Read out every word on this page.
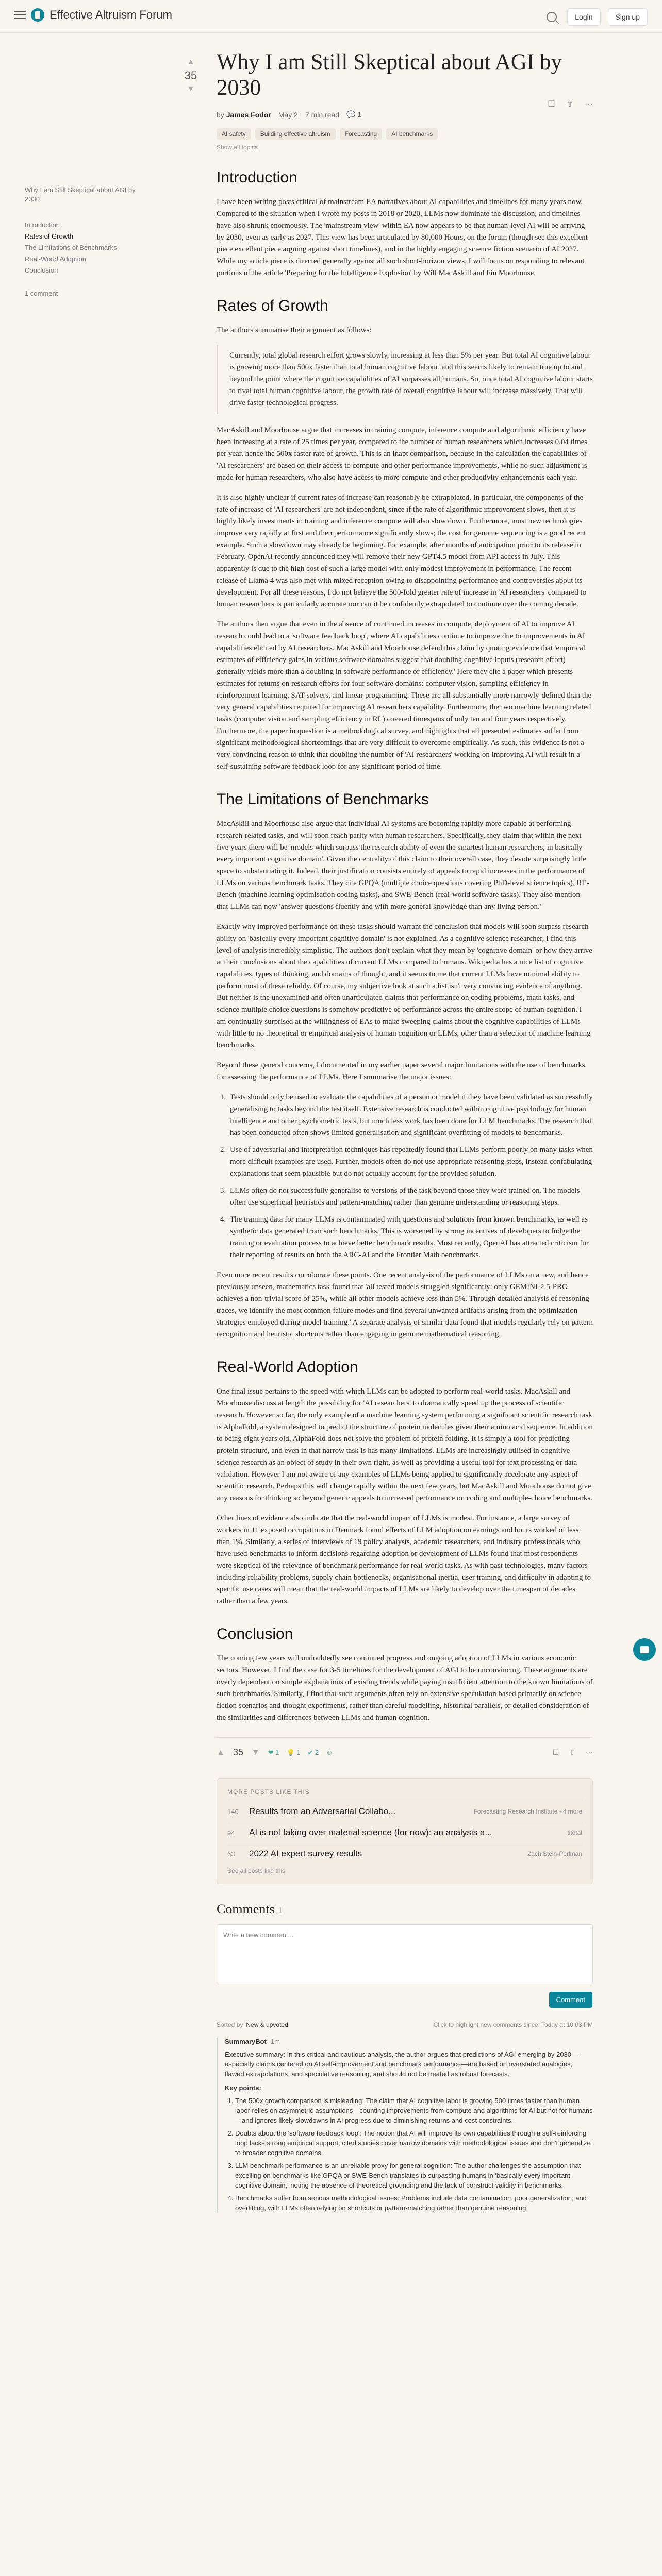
Effective Altruism Forum	Login	Sign up
Why I am Still Skeptical about AGI by 2030
Introduction
Rates of Growth
The Limitations of Benchmarks
Real-World Adoption
Conclusion
1 comment
▲
35
▼
Why I am Still Skeptical about AGI by 2030
by James Fodor May 2 7 min read 💬 1
☐ ⇧ ⋯
AI safety	Building effective altruism	Forecasting	AI benchmarks
Show all topics
Introduction

I have been writing posts critical of mainstream EA narratives about AI capabilities and timelines for many years now. Compared to the situation when I wrote my posts in 2018 or 2020, LLMs now dominate the discussion, and timelines have also shrunk enormously. The 'mainstream view' within EA now appears to be that human-level AI will be arriving by 2030, even as early as 2027. This view has been articulated by 80,000 Hours, on the forum (though see this excellent piece excellent piece arguing against short timelines), and in the highly engaging science fiction scenario of AI 2027. While my article piece is directed generally against all such short-horizon views, I will focus on responding to relevant portions of the article 'Preparing for the Intelligence Explosion' by Will MacAskill and Fin Moorhouse.

Rates of Growth

The authors summarise their argument as follows:

Currently, total global research effort grows slowly, increasing at less than 5% per year. But total AI cognitive labour is growing more than 500x faster than total human cognitive labour, and this seems likely to remain true up to and beyond the point where the cognitive capabilities of AI surpasses all humans. So, once total AI cognitive labour starts to rival total human cognitive labour, the growth rate of overall cognitive labour will increase massively. That will drive faster technological progress.

MacAskill and Moorhouse argue that increases in training compute, inference compute and algorithmic efficiency have been increasing at a rate of 25 times per year, compared to the number of human researchers which increases 0.04 times per year, hence the 500x faster rate of growth. This is an inapt comparison, because in the calculation the capabilities of 'AI researchers' are based on their access to compute and other performance improvements, while no such adjustment is made for human researchers, who also have access to more compute and other productivity enhancements each year.

It is also highly unclear if current rates of increase can reasonably be extrapolated. In particular, the components of the rate of increase of 'AI researchers' are not independent, since if the rate of algorithmic improvement slows, then it is highly likely investments in training and inference compute will also slow down. Furthermore, most new technologies improve very rapidly at first and then performance significantly slows; the cost for genome sequencing is a good recent example. Such a slowdown may already be beginning. For example, after months of anticipation prior to its release in February, OpenAI recently announced they will remove their new GPT4.5 model from API access in July. This apparently is due to the high cost of such a large model with only modest improvement in performance. The recent release of Llama 4 was also met with mixed reception owing to disappointing performance and controversies about its development. For all these reasons, I do not believe the 500-fold greater rate of increase in 'AI researchers' compared to human researchers is particularly accurate nor can it be confidently extrapolated to continue over the coming decade.

The authors then argue that even in the absence of continued increases in compute, deployment of AI to improve AI research could lead to a 'software feedback loop', where AI capabilities continue to improve due to improvements in AI capabilities elicited by AI researchers. MacAskill and Moorhouse defend this claim by quoting evidence that 'empirical estimates of efficiency gains in various software domains suggest that doubling cognitive inputs (research effort) generally yields more than a doubling in software performance or efficiency.' Here they cite a paper which presents estimates for returns on research efforts for four software domains: computer vision, sampling efficiency in reinforcement learning, SAT solvers, and linear programming. These are all substantially more narrowly-defined than the very general capabilities required for improving AI researchers capability. Furthermore, the two machine learning related tasks (computer vision and sampling efficiency in RL) covered timespans of only ten and four years respectively. Furthermore, the paper in question is a methodological survey, and highlights that all presented estimates suffer from significant methodological shortcomings that are very difficult to overcome empirically. As such, this evidence is not a very convincing reason to think that doubling the number of 'AI researchers' working on improving AI will result in a self-sustaining software feedback loop for any significant period of time.

The Limitations of Benchmarks

MacAskill and Moorhouse also argue that individual AI systems are becoming rapidly more capable at performing research-related tasks, and will soon reach parity with human researchers. Specifically, they claim that within the next five years there will be 'models which surpass the research ability of even the smartest human researchers, in basically every important cognitive domain'. Given the centrality of this claim to their overall case, they devote surprisingly little space to substantiating it. Indeed, their justification consists entirely of appeals to rapid increases in the performance of LLMs on various benchmark tasks. They cite GPQA (multiple choice questions covering PhD-level science topics), RE-Bench (machine learning optimisation coding tasks), and SWE-Bench (real-world software tasks). They also mention that LLMs can now 'answer questions fluently and with more general knowledge than any living person.'

Exactly why improved performance on these tasks should warrant the conclusion that models will soon surpass research ability on 'basically every important cognitive domain' is not explained. As a cognitive science researcher, I find this level of analysis incredibly simplistic. The authors don't explain what they mean by 'cognitive domain' or how they arrive at their conclusions about the capabilities of current LLMs compared to humans. Wikipedia has a nice list of cognitive capabilities, types of thinking, and domains of thought, and it seems to me that current LLMs have minimal ability to perform most of these reliably. Of course, my subjective look at such a list isn't very convincing evidence of anything. But neither is the unexamined and often unarticulated claims that performance on coding problems, math tasks, and science multiple choice questions is somehow predictive of performance across the entire scope of human cognition. I am continually surprised at the willingness of EAs to make sweeping claims about the cognitive capabilities of LLMs with little to no theoretical or empirical analysis of human cognition or LLMs, other than a selection of machine learning benchmarks.

Beyond these general concerns, I documented in my earlier paper several major limitations with the use of benchmarks for assessing the performance of LLMs. Here I summarise the major issues:

1. Tests should only be used to evaluate the capabilities of a person or model if they have been validated as successfully generalising to tasks beyond the test itself. Extensive research is conducted within cognitive psychology for human intelligence and other psychometric tests, but much less work has been done for LLM benchmarks. The research that has been conducted often shows limited generalisation and significant overfitting of models to benchmarks.
2. Use of adversarial and interpretation techniques has repeatedly found that LLMs perform poorly on many tasks when more difficult examples are used. Further, models often do not use appropriate reasoning steps, instead confabulating explanations that seem plausible but do not actually account for the provided solution.
3. LLMs often do not successfully generalise to versions of the task beyond those they were trained on. The models often use superficial heuristics and pattern-matching rather than genuine understanding or reasoning steps.
4. The training data for many LLMs is contaminated with questions and solutions from known benchmarks, as well as synthetic data generated from such benchmarks. This is worsened by strong incentives of developers to fudge the training or evaluation process to achieve better benchmark results. Most recently, OpenAI has attracted criticism for their reporting of results on both the ARC-AI and the Frontier Math benchmarks.

Even more recent results corroborate these points. One recent analysis of the performance of LLMs on a new, and hence previously unseen, mathematics task found that 'all tested models struggled significantly: only GEMINI-2.5-PRO achieves a non-trivial score of 25%, while all other models achieve less than 5%. Through detailed analysis of reasoning traces, we identify the most common failure modes and find several unwanted artifacts arising from the optimization strategies employed during model training.' A separate analysis of similar data found that models regularly rely on pattern recognition and heuristic shortcuts rather than engaging in genuine mathematical reasoning.

Real-World Adoption

One final issue pertains to the speed with which LLMs can be adopted to perform real-world tasks. MacAskill and Moorhouse discuss at length the possibility for 'AI researchers' to dramatically speed up the process of scientific research. However so far, the only example of a machine learning system performing a significant scientific research task is AlphaFold, a system designed to predict the structure of protein molecules given their amino acid sequence. In addition to being eight years old, AlphaFold does not solve the problem of protein folding. It is simply a tool for predicting protein structure, and even in that narrow task is has many limitations. LLMs are increasingly utilised in cognitive science research as an object of study in their own right, as well as providing a useful tool for text processing or data validation. However I am not aware of any examples of LLMs being applied to significantly accelerate any aspect of scientific research. Perhaps this will change rapidly within the next few years, but MacAskill and Moorhouse do not give any reasons for thinking so beyond generic appeals to increased performance on coding and multiple-choice benchmarks.

Other lines of evidence also indicate that the real-world impact of LLMs is modest. For instance, a large survey of workers in 11 exposed occupations in Denmark found effects of LLM adoption on earnings and hours worked of less than 1%. Similarly, a series of interviews of 19 policy analysts, academic researchers, and industry professionals who have used benchmarks to inform decisions regarding adoption or development of LLMs found that most respondents were skeptical of the relevance of benchmark performance for real-world tasks. As with past technologies, many factors including reliability problems, supply chain bottlenecks, organisational inertia, user training, and difficulty in adapting to specific use cases will mean that the real-world impacts of LLMs are likely to develop over the timespan of decades rather than a few years.

Conclusion

The coming few years will undoubtedly see continued progress and ongoing adoption of LLMs in various economic sectors. However, I find the case for 3-5 timelines for the development of AGI to be unconvincing. These arguments are overly dependent on simple explanations of existing trends while paying insufficient attention to the known limitations of such benchmarks. Similarly, I find that such arguments often rely on extensive speculation based primarily on science fiction scenarios and thought experiments, rather than careful modelling, historical parallels, or detailed consideration of the similarities and differences between LLMs and human cognition.

▲ 35 ▼ ❤ 1 💡 1 ✔ 2 ☺	☐ ⇧ ⋯
MORE POSTS LIKE THIS
140	Results from an Adversarial Collabo...	Forecasting Research Institute +4 more
94	AI is not taking over material science (for now): an analysis a...	titotal
63	2022 AI expert survey results	Zach Stein-Perlman
See all posts like this
Comments 1
Write a new comment...
Comment
Sorted by New & upvoted	Click to highlight new comments since: Today at 10:03 PM
SummaryBot 1m

Executive summary: In this critical and cautious analysis, the author argues that predictions of AGI emerging by 2030—especially claims centered on AI self-improvement and benchmark performance—are based on overstated analogies, flawed extrapolations, and speculative reasoning, and should not be treated as robust forecasts.

Key points:

1. The 500x growth comparison is misleading: The claim that AI cognitive labor is growing 500 times faster than human labor relies on asymmetric assumptions—counting improvements from compute and algorithms for AI but not for humans—and ignores likely slowdowns in AI progress due to diminishing returns and cost constraints.
2. Doubts about the 'software feedback loop': The notion that AI will improve its own capabilities through a self-reinforcing loop lacks strong empirical support; cited studies cover narrow domains with methodological issues and don't generalize to broader cognitive domains.
3. LLM benchmark performance is an unreliable proxy for general cognition: The author challenges the assumption that excelling on benchmarks like GPQA or SWE-Bench translates to surpassing humans in 'basically every important cognitive domain,' noting the absence of theoretical grounding and the lack of construct validity in benchmarks.
4. Benchmarks suffer from serious methodological issues: Problems include data contamination, poor generalization, and overfitting, with LLMs often relying on shortcuts or pattern-matching rather than genuine reasoning.
